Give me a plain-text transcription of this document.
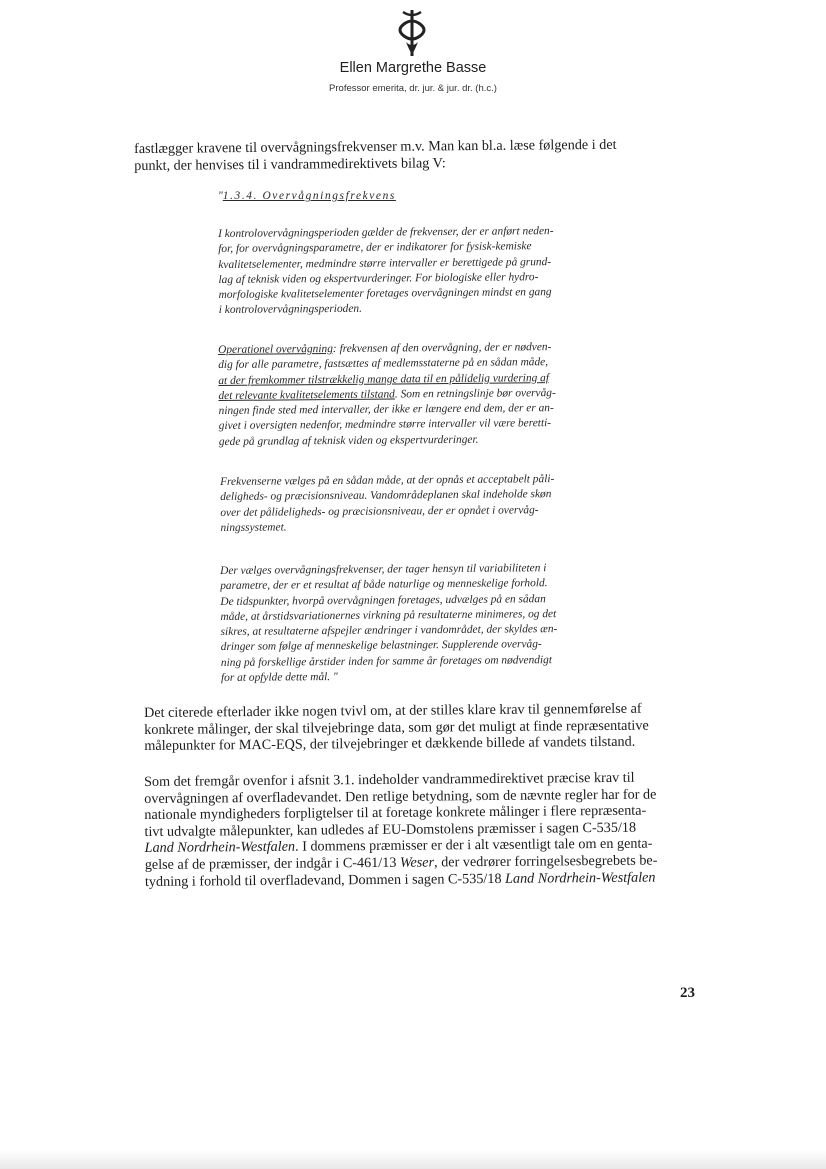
Ellen Margrethe Basse
Professor emerita, dr. jur. & jur. dr. (h.c.)
fastlægger kravene til overvågningsfrekvenser m.v. Man kan bl.a. læse følgende i det
punkt, der henvises til i vandrammedirektivets bilag V:
"1.3.4. Overvågningsfrekvens
I kontrolovervågningsperioden gælder de frekvenser, der er anført neden-
for, for overvågningsparametre, der er indikatorer for fysisk-kemiske
kvalitetselementer, medmindre større intervaller er berettigede på grund-
lag af teknisk viden og ekspertvurderinger. For biologiske eller hydro-
morfologiske kvalitetselementer foretages overvågningen mindst en gang
i kontrolovervågningsperioden.
Operationel overvågning: frekvensen af den overvågning, der er nødven-
dig for alle parametre, fastsættes af medlemsstaterne på en sådan måde,
at der fremkommer tilstrækkelig mange data til en pålidelig vurdering af
det relevante kvalitetselements tilstand. Som en retningslinje bør overvåg-
ningen finde sted med intervaller, der ikke er længere end dem, der er an-
givet i oversigten nedenfor, medmindre større intervaller vil være beretti-
gede på grundlag af teknisk viden og ekspertvurderinger.
Frekvenserne vælges på en sådan måde, at der opnås et acceptabelt påli-
deligheds- og præcisionsniveau. Vandområdeplanen skal indeholde skøn
over det pålideligheds- og præcisionsniveau, der er opnået i overvåg-
ningssystemet.
Der vælges overvågningsfrekvenser, der tager hensyn til variabiliteten i
parametre, der er et resultat af både naturlige og menneskelige forhold.
De tidspunkter, hvorpå overvågningen foretages, udvælges på en sådan
måde, at årstidsvariationernes virkning på resultaterne minimeres, og det
sikres, at resultaterne afspejler ændringer i vandområdet, der skyldes æn-
dringer som følge af menneskelige belastninger. Supplerende overvåg-
ning på forskellige årstider inden for samme år foretages om nødvendigt
for at opfylde dette mål. "
Det citerede efterlader ikke nogen tvivl om, at der stilles klare krav til gennemførelse af
konkrete målinger, der skal tilvejebringe data, som gør det muligt at finde repræsentative
målepunkter for MAC-EQS, der tilvejebringer et dækkende billede af vandets tilstand.
Som det fremgår ovenfor i afsnit 3.1. indeholder vandrammedirektivet præcise krav til
overvågningen af overfladevandet. Den retlige betydning, som de nævnte regler har for de
nationale myndigheders forpligtelser til at foretage konkrete målinger i flere repræsenta-
tivt udvalgte målepunkter, kan udledes af EU-Domstolens præmisser i sagen C-535/18
Land Nordrhein-Westfalen. I dommens præmisser er der i alt væsentligt tale om en genta-
gelse af de præmisser, der indgår i C-461/13 Weser, der vedrører forringelsesbegrebets be-
tydning i forhold til overfladevand, Dommen i sagen C-535/18 Land Nordrhein-Westfalen
23
